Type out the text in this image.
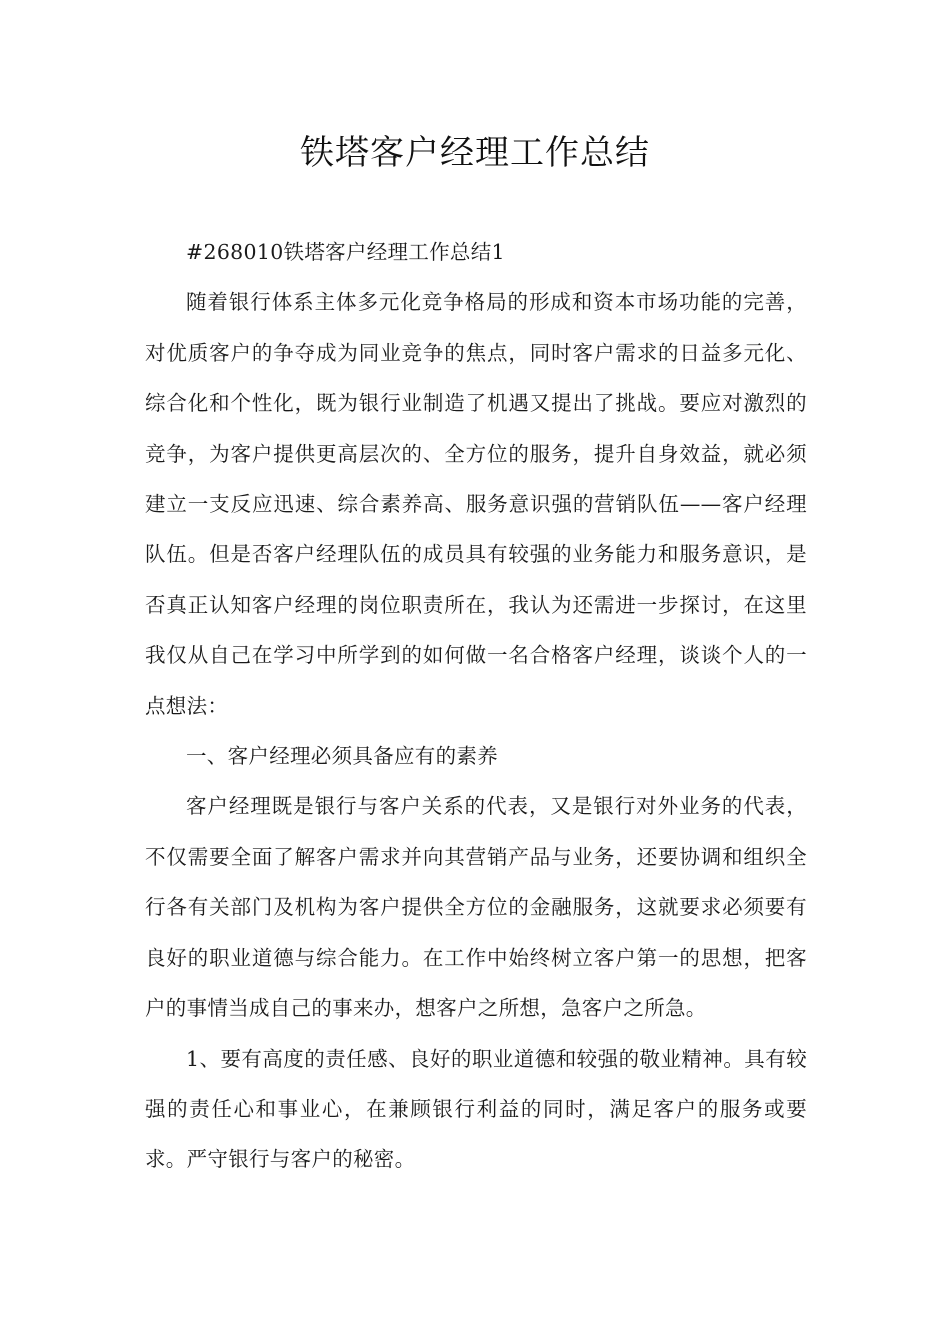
铁塔客户经理工作总结

#268010铁塔客户经理工作总结1

随着银行体系主体多元化竞争格局的形成和资本市场功能的完善，对优质客户的争夺成为同业竞争的焦点，同时客户需求的日益多元化、综合化和个性化，既为银行业制造了机遇又提出了挑战。要应对激烈的竞争，为客户提供更高层次的、全方位的服务，提升自身效益，就必须建立一支反应迅速、综合素养高、服务意识强的营销队伍——客户经理队伍。但是否客户经理队伍的成员具有较强的业务能力和服务意识，是否真正认知客户经理的岗位职责所在，我认为还需进一步探讨，在这里我仅从自己在学习中所学到的如何做一名合格客户经理，谈谈个人的一点想法：

一、客户经理必须具备应有的素养

客户经理既是银行与客户关系的代表，又是银行对外业务的代表，不仅需要全面了解客户需求并向其营销产品与业务，还要协调和组织全行各有关部门及机构为客户提供全方位的金融服务，这就要求必须要有良好的职业道德与综合能力。在工作中始终树立客户第一的思想，把客户的事情当成自己的事来办，想客户之所想，急客户之所急。

1、要有高度的责任感、良好的职业道德和较强的敬业精神。具有较强的责任心和事业心，在兼顾银行利益的同时，满足客户的服务或要求。严守银行与客户的秘密。
